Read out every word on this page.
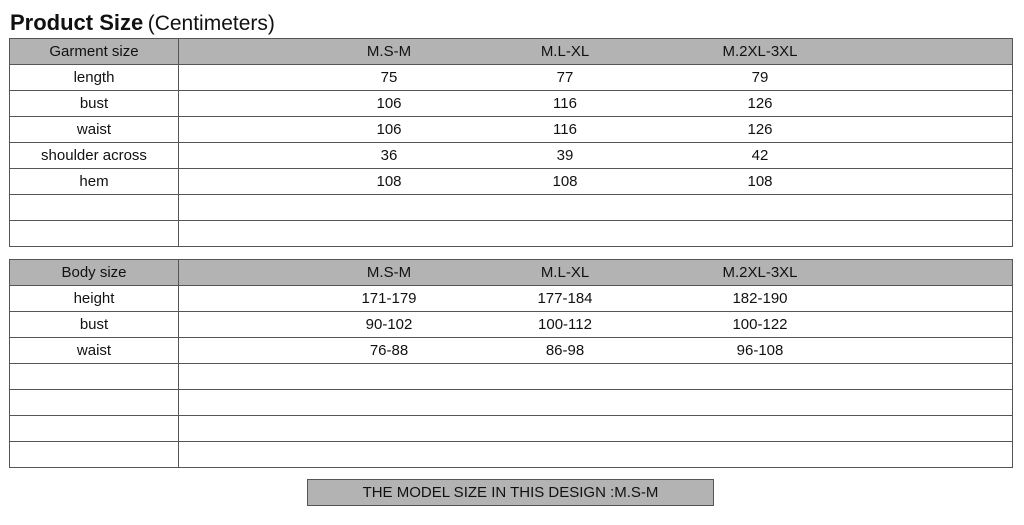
Product Size (Centimeters)
Garment size	M.S-M M.L-XL M.2XL-3XL

length	75 77 79

bust	106 116 126

waist	106 116 126

shoulder across	36 39 42

hem	108 108 108

Body size	M.S-M M.L-XL M.2XL-3XL

height	171-179 177-184 182-190

bust	90-102 100-112 100-122

waist	76-88 86-98 96-108

THE MODEL SIZE IN THIS DESIGN :M.S-M
